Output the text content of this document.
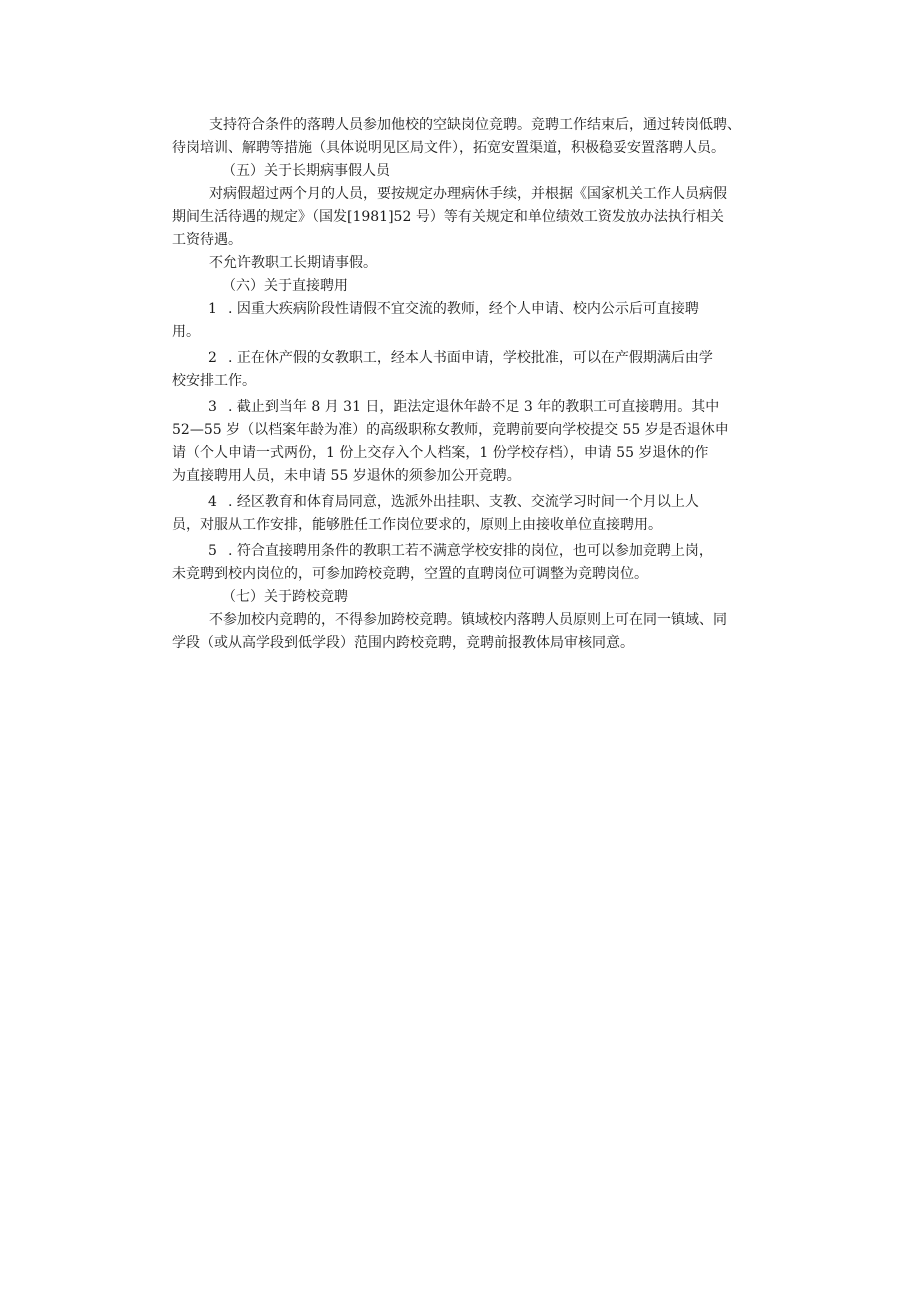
支持符合条件的落聘人员参加他校的空缺岗位竞聘。竞聘工作结束后，通过转岗低聘、
待岗培训、解聘等措施（具体说明见区局文件），拓宽安置渠道，积极稳妥安置落聘人员。
（五）关于长期病事假人员
对病假超过两个月的人员，要按规定办理病休手续，并根据《国家机关工作人员病假
期间生活待遇的规定》（国发[1981]52 号）等有关规定和单位绩效工资发放办法执行相关
工资待遇。
不允许教职工长期请事假。
（六）关于直接聘用
1 . 因重大疾病阶段性请假不宜交流的教师，经个人申请、校内公示后可直接聘
用。
2 . 正在休产假的女教职工，经本人书面申请，学校批准，可以在产假期满后由学
校安排工作。
3 . 截止到当年 8 月 31 日，距法定退休年龄不足 3 年的教职工可直接聘用。其中
52—55 岁（以档案年龄为准）的高级职称女教师，竞聘前要向学校提交 55 岁是否退休申
请（个人申请一式两份，1 份上交存入个人档案，1 份学校存档），申请 55 岁退休的作
为直接聘用人员，未申请 55 岁退休的须参加公开竞聘。
4 . 经区教育和体育局同意，选派外出挂职、支教、交流学习时间一个月以上人
员，对服从工作安排，能够胜任工作岗位要求的，原则上由接收单位直接聘用。
5 . 符合直接聘用条件的教职工若不满意学校安排的岗位，也可以参加竞聘上岗，
未竞聘到校内岗位的，可参加跨校竞聘，空置的直聘岗位可调整为竞聘岗位。
（七）关于跨校竞聘
不参加校内竞聘的，不得参加跨校竞聘。镇域校内落聘人员原则上可在同一镇域、同
学段（或从高学段到低学段）范围内跨校竞聘，竞聘前报教体局审核同意。
